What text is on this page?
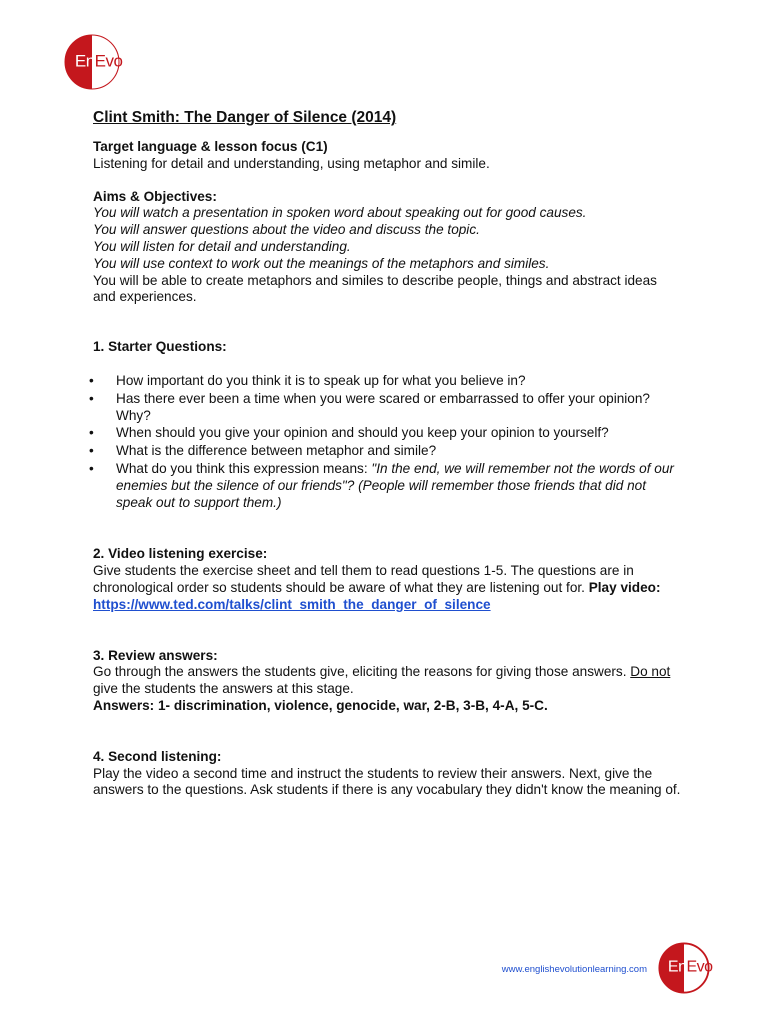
EnEvo
Clint Smith: The Danger of Silence (2014)
Target language & lesson focus (C1)
Listening for detail and understanding, using metaphor and simile.
Aims & Objectives:
You will watch a presentation in spoken word about speaking out for good causes.
You will answer questions about the video and discuss the topic.
You will listen for detail and understanding.
You will use context to work out the meanings of the metaphors and similes.
You will be able to create metaphors and similes to describe people, things and abstract ideas and experiences.
1. Starter Questions:
• How important do you think it is to speak up for what you believe in?
• Has there ever been a time when you were scared or embarrassed to offer your opinion? Why?
• When should you give your opinion and should you keep your opinion to yourself?
• What is the difference between metaphor and simile?
• What do you think this expression means: "In the end, we will remember not the words of our enemies but the silence of our friends"? (People will remember those friends that did not speak out to support them.)
2. Video listening exercise:
Give students the exercise sheet and tell them to read questions 1-5. The questions are in chronological order so students should be aware of what they are listening out for. Play video: https://www.ted.com/talks/clint_smith_the_danger_of_silence
3. Review answers:
Go through the answers the students give, eliciting the reasons for giving those answers. Do not give the students the answers at this stage.
Answers: 1- discrimination, violence, genocide, war, 2-B, 3-B, 4-A, 5-C.
4. Second listening:
Play the video a second time and instruct the students to review their answers. Next, give the answers to the questions. Ask students if there is any vocabulary they didn't know the meaning of.
www.englishevolutionlearning.com EnEvo
